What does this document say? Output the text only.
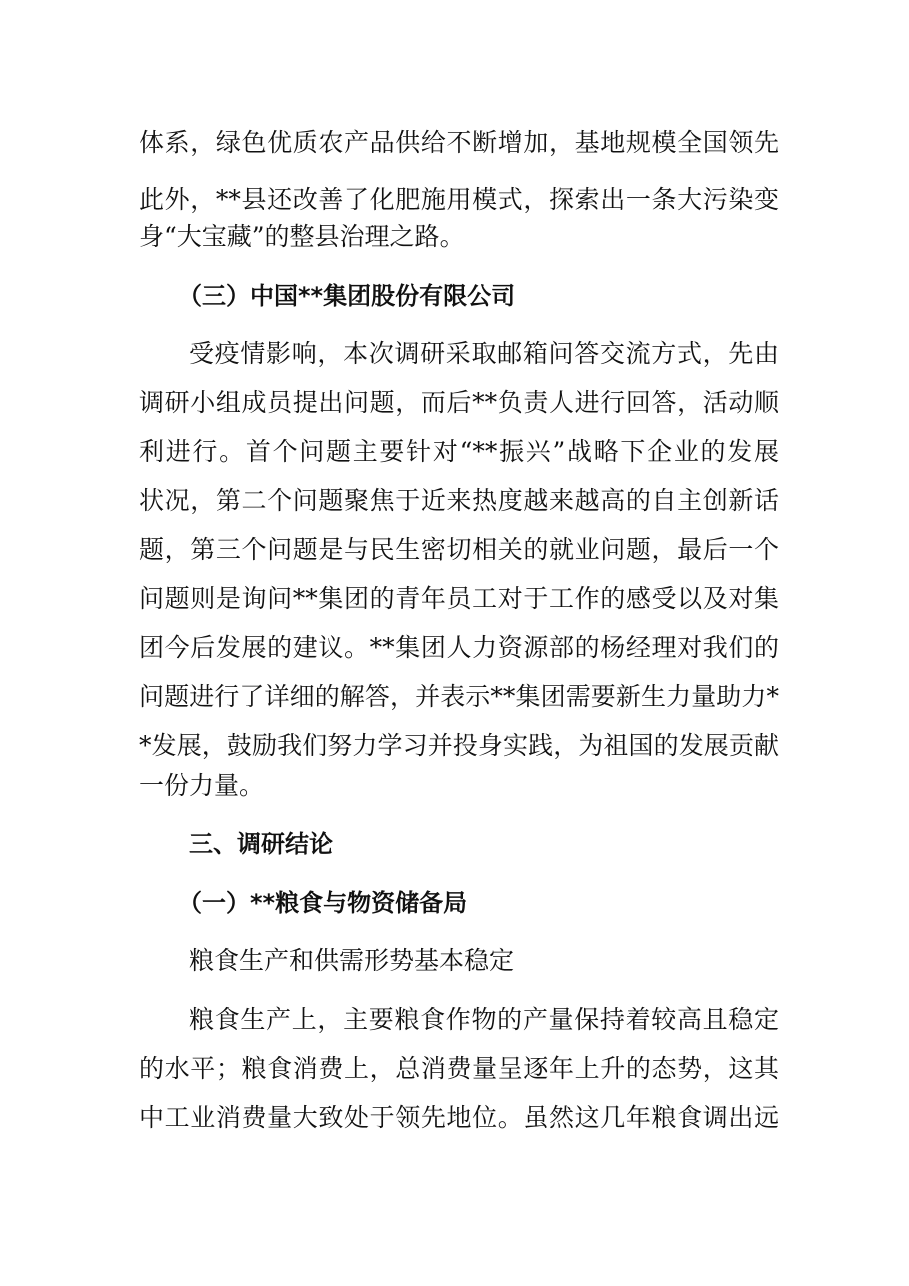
体系，绿色优质农产品供给不断增加，基地规模全国领先
此外，**县还改善了化肥施用模式，探索出一条大污染变
身“大宝藏”的整县治理之路。
（三）中国**集团股份有限公司
受疫情影响，本次调研采取邮箱问答交流方式，先由
调研小组成员提出问题，而后**负责人进行回答，活动顺
利进行。首个问题主要针对“**振兴”战略下企业的发展
状况，第二个问题聚焦于近来热度越来越高的自主创新话
题，第三个问题是与民生密切相关的就业问题，最后一个
问题则是询问**集团的青年员工对于工作的感受以及对集
团今后发展的建议。**集团人力资源部的杨经理对我们的
问题进行了详细的解答，并表示**集团需要新生力量助力*
*发展，鼓励我们努力学习并投身实践，为祖国的发展贡献
一份力量。
三、调研结论
（一）**粮食与物资储备局
粮食生产和供需形势基本稳定
粮食生产上，主要粮食作物的产量保持着较高且稳定
的水平；粮食消费上，总消费量呈逐年上升的态势，这其
中工业消费量大致处于领先地位。虽然这几年粮食调出远
